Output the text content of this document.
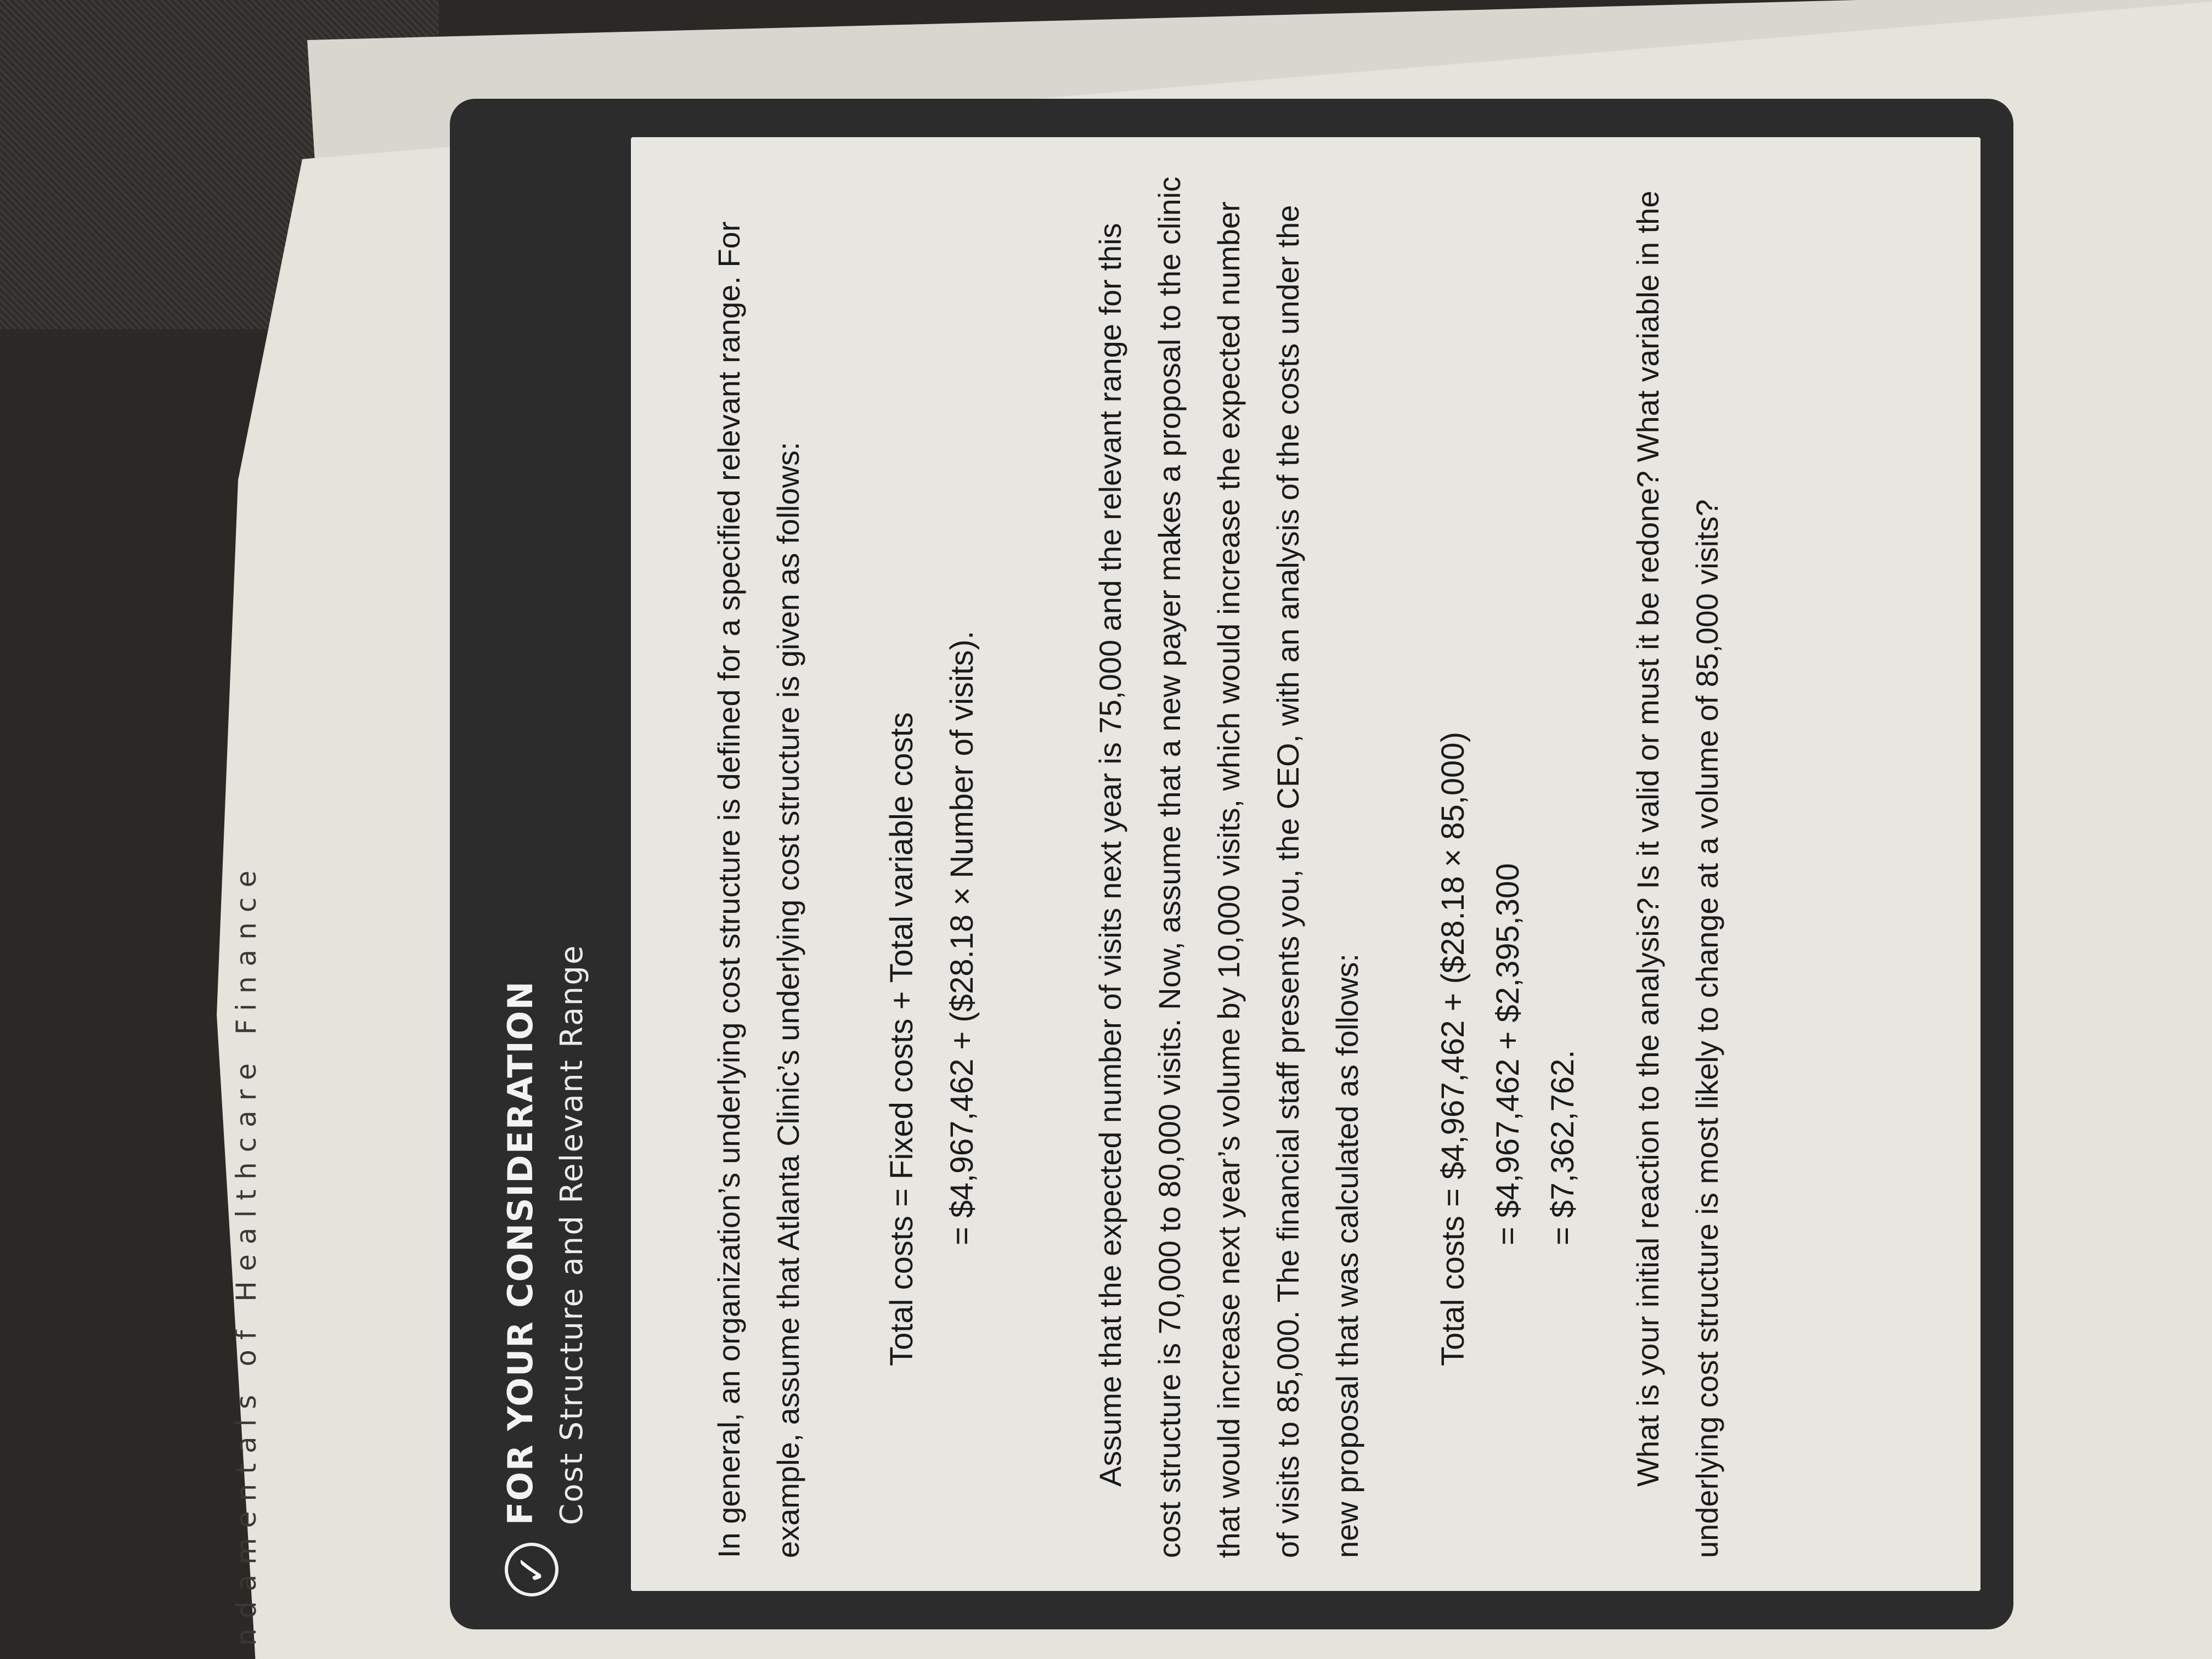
ndamentals of Healthcare Finance	✓
FOR YOUR CONSIDERATION Cost Structure and Relevant Range	In general, an organization’s underlying cost structure is defined for a specified relevant range. For example, assume that Atlanta Clinic’s underlying cost structure is given as follows:	Total costs = Fixed costs + Total variable costs = $4,967,462 + ($28.18 × Number of visits).	Assume that the expected number of visits next year is 75,000 and the relevant range for this cost structure is 70,000 to 80,000 visits. Now, assume that a new payer makes a proposal to the clinic that would increase next year’s volume by 10,000 visits, which would increase the expected number of visits to 85,000. The financial staff presents you, the CEO, with an analysis of the costs under the new proposal that was calculated as follows:	Total costs = $4,967,462 + ($28.18 × 85,000) = $4,967,462 + $2,395,300 = $7,362,762.	What is your initial reaction to the analysis? Is it valid or must it be redone? What variable in the underlying cost structure is most likely to change at a volume of 85,000 visits?
